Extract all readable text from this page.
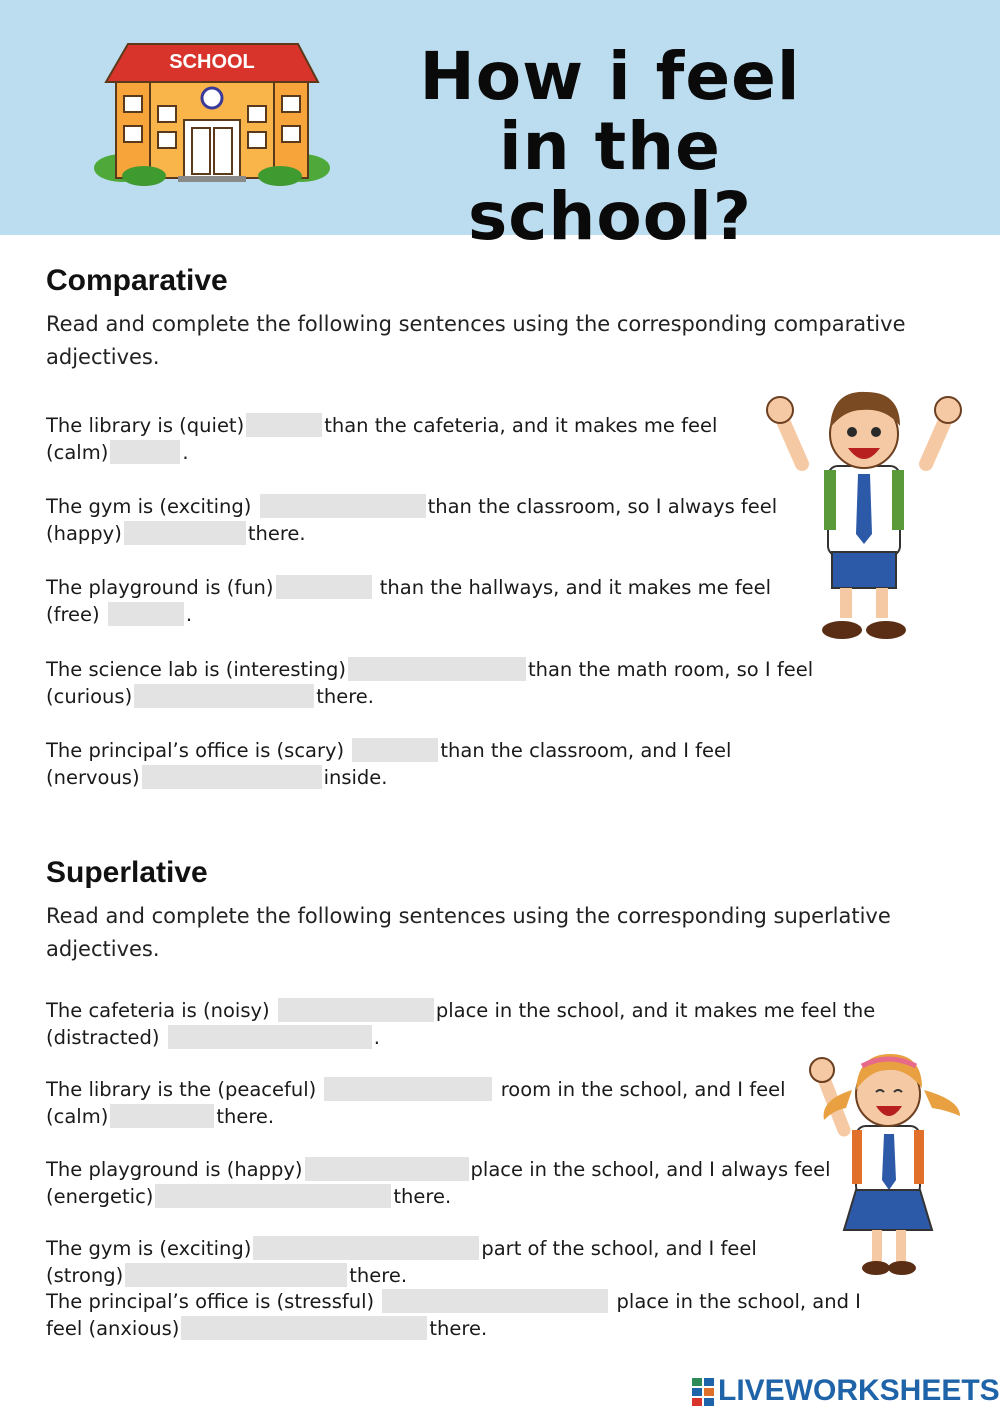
SCHOOL	How i feel
in the school?
Comparative
Read and complete the following sentences using the corresponding comparative adjectives.
The library is (quiet)	than the cafeteria, and it makes me feel
(calm)	.
The gym is (exciting)	than the classroom, so I always feel
(happy)	there.
The playground is (fun)	than the hallways, and it makes me feel
(free)	.
The science lab is (interesting)	than the math room, so I feel
(curious)	there.
The principal’s office is (scary)	than the classroom, and I feel
(nervous)	inside.
Superlative
Read and complete the following sentences using the corresponding superlative adjectives.
The cafeteria is (noisy)	place in the school, and it makes me feel the
(distracted)	.
The library is the (peaceful)	room in the school, and I feel
(calm)	there.
The playground is (happy)	place in the school, and I always feel
(energetic)	there.
The gym is (exciting)	part of the school, and I feel
(strong)	there.
The principal’s office is (stressful)	place in the school, and I
feel (anxious)	there.
LIVEWORKSHEETS
